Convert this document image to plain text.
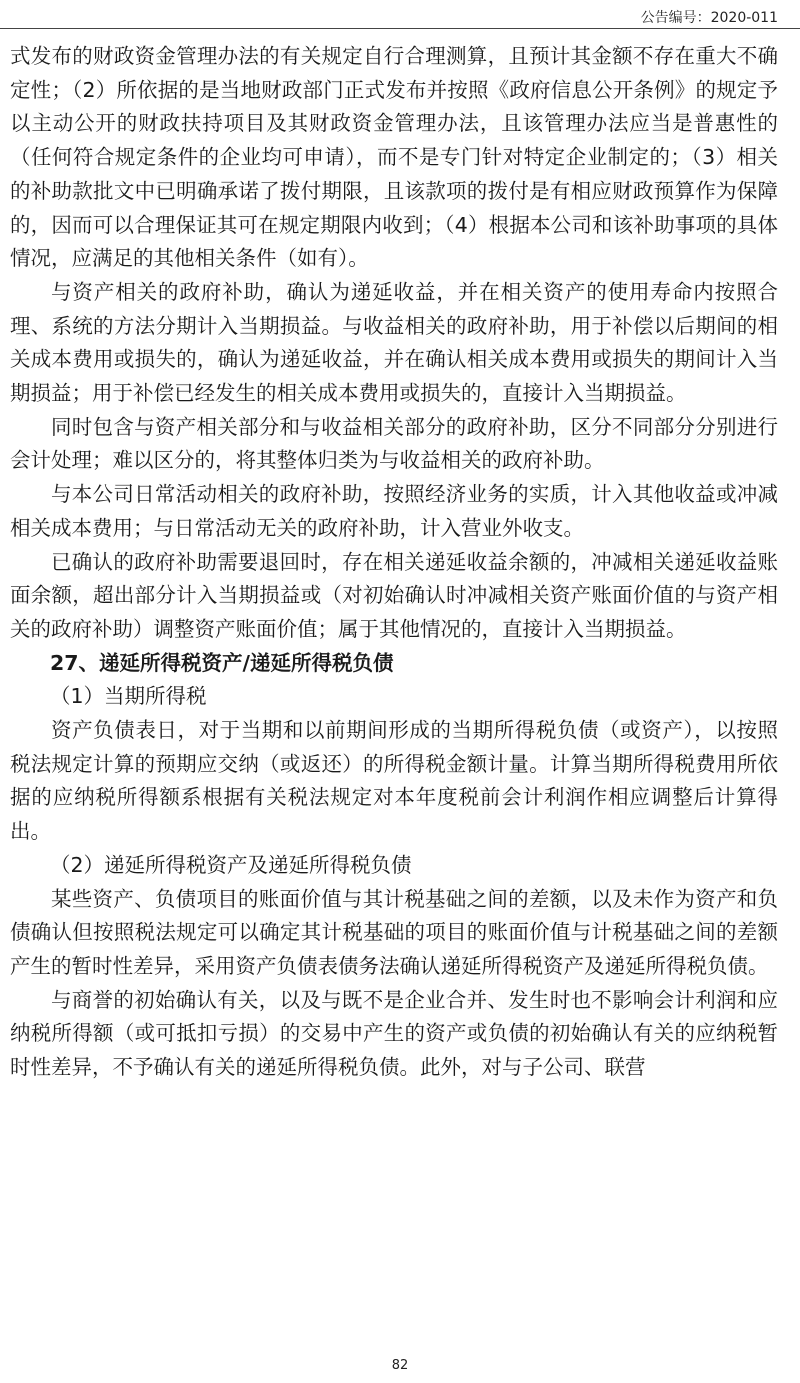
公告编号：2020-011

式发布的财政资金管理办法的有关规定自行合理测算，且预计其金额不存在重大不确定性；（2）所依据的是当地财政部门正式发布并按照《政府信息公开条例》的规定予以主动公开的财政扶持项目及其财政资金管理办法，且该管理办法应当是普惠性的（任何符合规定条件的企业均可申请），而不是专门针对特定企业制定的；（3）相关的补助款批文中已明确承诺了拨付期限，且该款项的拨付是有相应财政预算作为保障的，因而可以合理保证其可在规定期限内收到；（4）根据本公司和该补助事项的具体情况，应满足的其他相关条件（如有）。

与资产相关的政府补助，确认为递延收益，并在相关资产的使用寿命内按照合理、系统的方法分期计入当期损益。与收益相关的政府补助，用于补偿以后期间的相关成本费用或损失的，确认为递延收益，并在确认相关成本费用或损失的期间计入当期损益；用于补偿已经发生的相关成本费用或损失的，直接计入当期损益。

同时包含与资产相关部分和与收益相关部分的政府补助，区分不同部分分别进行会计处理；难以区分的，将其整体归类为与收益相关的政府补助。

与本公司日常活动相关的政府补助，按照经济业务的实质，计入其他收益或冲减相关成本费用；与日常活动无关的政府补助，计入营业外收支。

已确认的政府补助需要退回时，存在相关递延收益余额的，冲减相关递延收益账面余额，超出部分计入当期损益或（对初始确认时冲减相关资产账面价值的与资产相关的政府补助）调整资产账面价值；属于其他情况的，直接计入当期损益。

27、递延所得税资产/递延所得税负债

（1）当期所得税

资产负债表日，对于当期和以前期间形成的当期所得税负债（或资产），以按照税法规定计算的预期应交纳（或返还）的所得税金额计量。计算当期所得税费用所依据的应纳税所得额系根据有关税法规定对本年度税前会计利润作相应调整后计算得出。

（2）递延所得税资产及递延所得税负债

某些资产、负债项目的账面价值与其计税基础之间的差额，以及未作为资产和负债确认但按照税法规定可以确定其计税基础的项目的账面价值与计税基础之间的差额产生的暂时性差异，采用资产负债表债务法确认递延所得税资产及递延所得税负债。

与商誉的初始确认有关，以及与既不是企业合并、发生时也不影响会计利润和应纳税所得额（或可抵扣亏损）的交易中产生的资产或负债的初始确认有关的应纳税暂时性差异，不予确认有关的递延所得税负债。此外，对与子公司、联营

82
